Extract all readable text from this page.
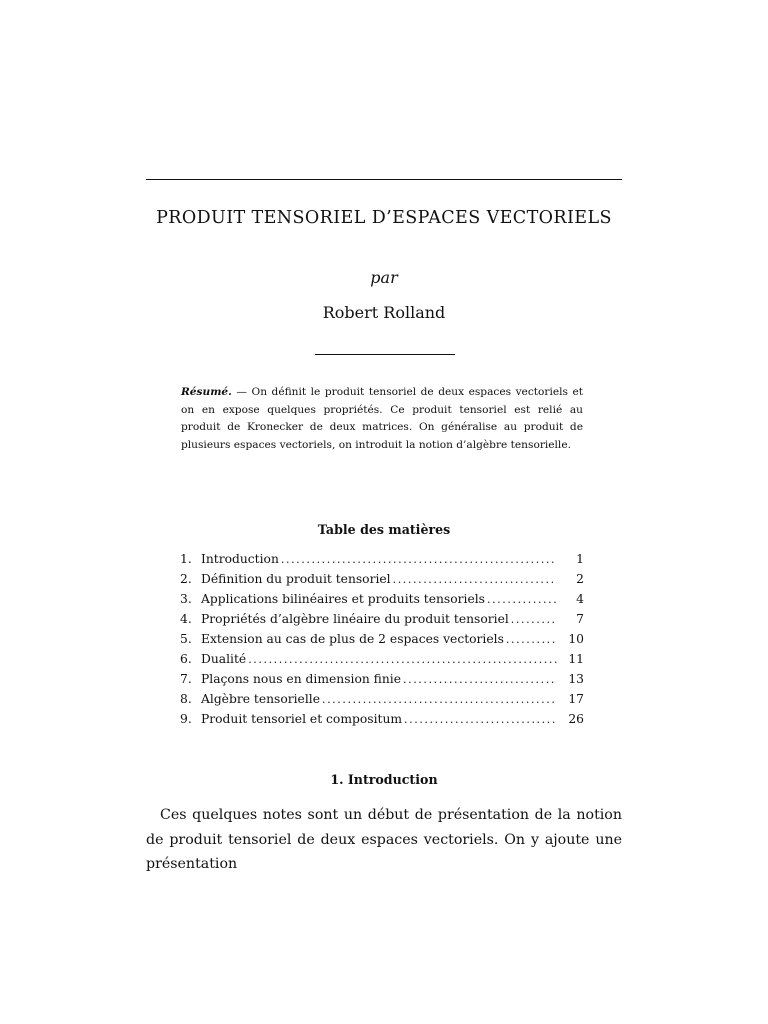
PRODUIT TENSORIEL D’ESPACES VECTORIELS
par
Robert Rolland
Résumé. — On définit le produit tensoriel de deux espaces vectoriels et on en expose quelques propriétés. Ce produit tensoriel est relié au produit de Kronecker de deux matrices. On généralise au produit de plusieurs espaces vectoriels, on introduit la notion d’algèbre tensorielle.
Table des matières
1. Introduction .....	1
2. Définition du produit tensoriel .....	2
3. Applications bilinéaires et produits tensoriels .....	4
4. Propriétés d’algèbre linéaire du produit tensoriel .....	7
5. Extension au cas de plus de 2 espaces vectoriels .....	10
6. Dualité .....	11
7. Plaçons nous en dimension finie .....	13
8. Algèbre tensorielle .....	17
9. Produit tensoriel et compositum .....	26
1. Introduction

Ces quelques notes sont un début de présentation de la notion de produit tensoriel de deux espaces vectoriels. On y ajoute une présentation
